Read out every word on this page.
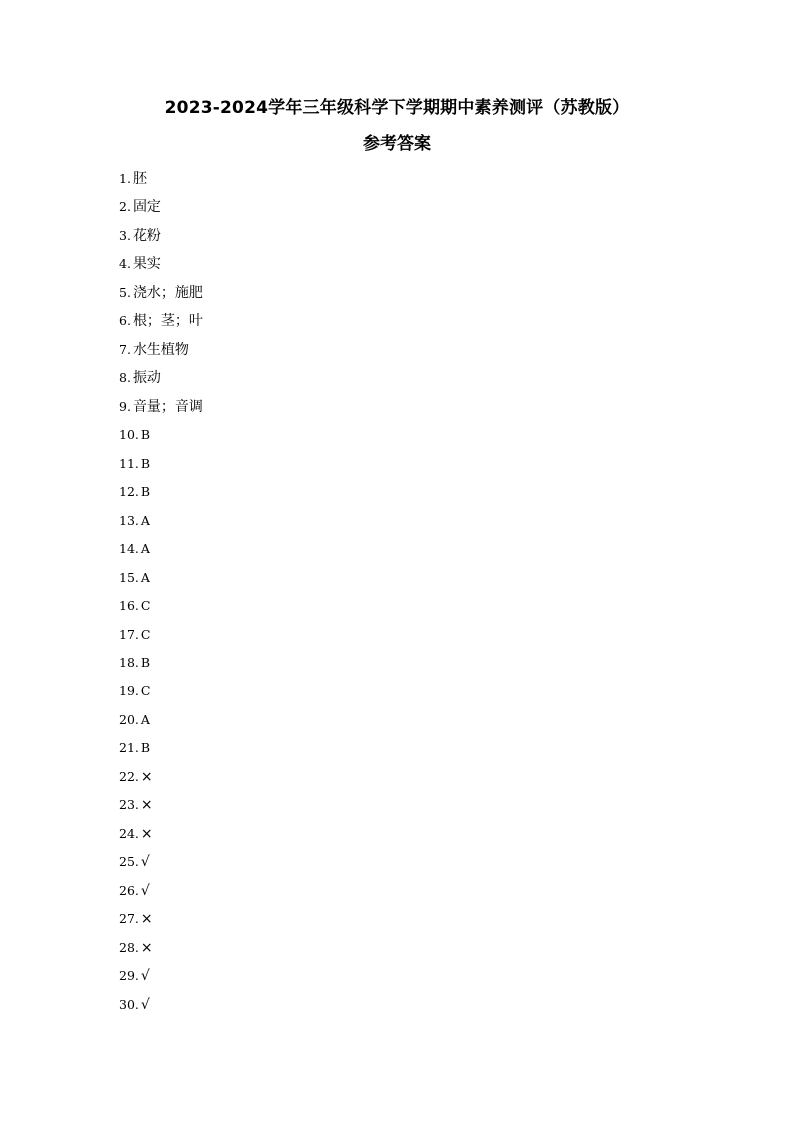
2023-2024学年三年级科学下学期期中素养测评（苏教版）
参考答案
1. 胚
2. 固定
3. 花粉
4. 果实
5. 浇水；施肥
6. 根；茎；叶
7. 水生植物
8. 振动
9. 音量；音调
10. B
11. B
12. B
13. A
14. A
15. A
16. C
17. C
18. B
19. C
20. A
21. B
22. ×
23. ×
24. ×
25. √
26. √
27. ×
28. ×
29. √
30. √
